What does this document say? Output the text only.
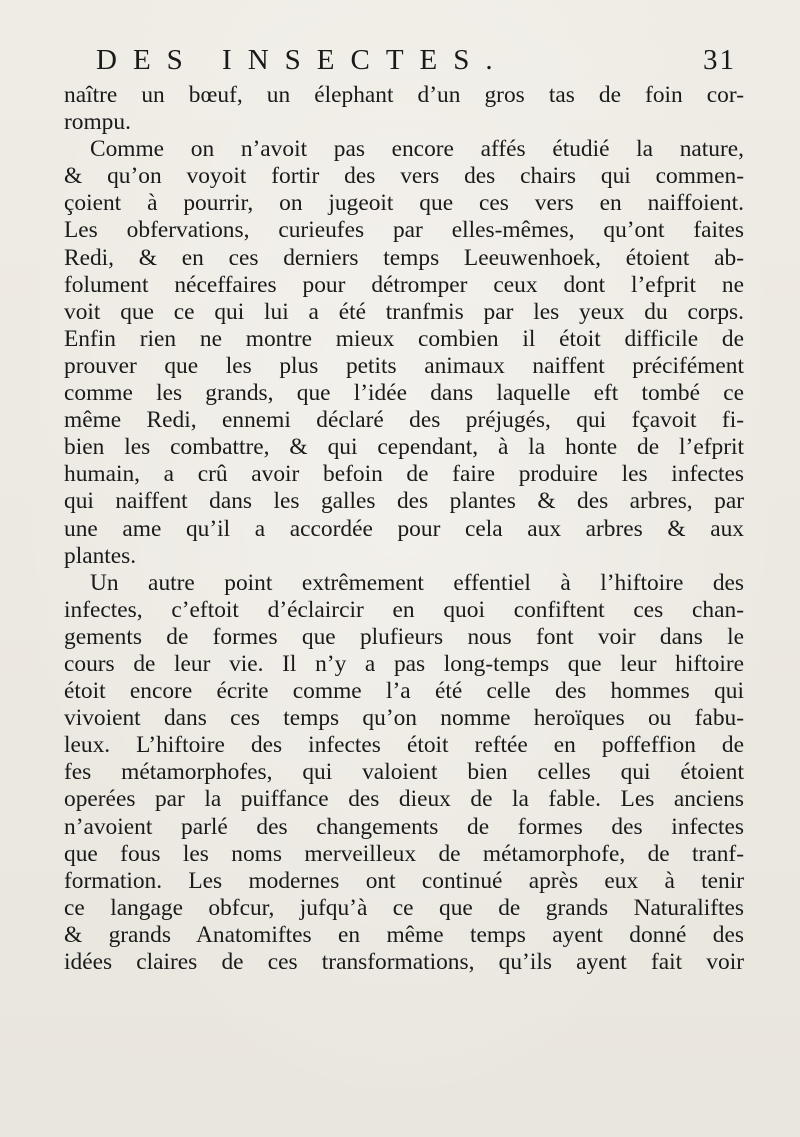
DES INSECTES.	31
naître un bœuf, un élephant d’un gros tas de foin cor-
rompu.
Comme on n’avoit pas encore affés étudié la nature,
& qu’on voyoit fortir des vers des chairs qui commen-
çoient à pourrir, on jugeoit que ces vers en naiffoient.
Les obfervations, curieufes par elles-mêmes, qu’ont faites
Redi, & en ces derniers temps Leeuwenhoek, étoient ab-
folument néceffaires pour détromper ceux dont l’efprit ne
voit que ce qui lui a été tranfmis par les yeux du corps.
Enfin rien ne montre mieux combien il étoit difficile de
prouver que les plus petits animaux naiffent précifément
comme les grands, que l’idée dans laquelle eft tombé ce
même Redi, ennemi déclaré des préjugés, qui fçavoit fi-
bien les combattre, & qui cependant, à la honte de l’efprit
humain, a crû avoir befoin de faire produire les infectes
qui naiffent dans les galles des plantes & des arbres, par
une ame qu’il a accordée pour cela aux arbres & aux
plantes.
Un autre point extrêmement effentiel à l’hiftoire des
infectes, c’eftoit d’éclaircir en quoi confiftent ces chan-
gements de formes que plufieurs nous font voir dans le
cours de leur vie. Il n’y a pas long-temps que leur hiftoire
étoit encore écrite comme l’a été celle des hommes qui
vivoient dans ces temps qu’on nomme heroïques ou fabu-
leux. L’hiftoire des infectes étoit reftée en poffeffion de
fes métamorphofes, qui valoient bien celles qui étoient
operées par la puiffance des dieux de la fable. Les anciens
n’avoient parlé des changements de formes des infectes
que fous les noms merveilleux de métamorphofe, de tranf-
formation. Les modernes ont continué après eux à tenir
ce langage obfcur, jufqu’à ce que de grands Naturaliftes
& grands Anatomiftes en même temps ayent donné des
idées claires de ces transformations, qu’ils ayent fait voir
